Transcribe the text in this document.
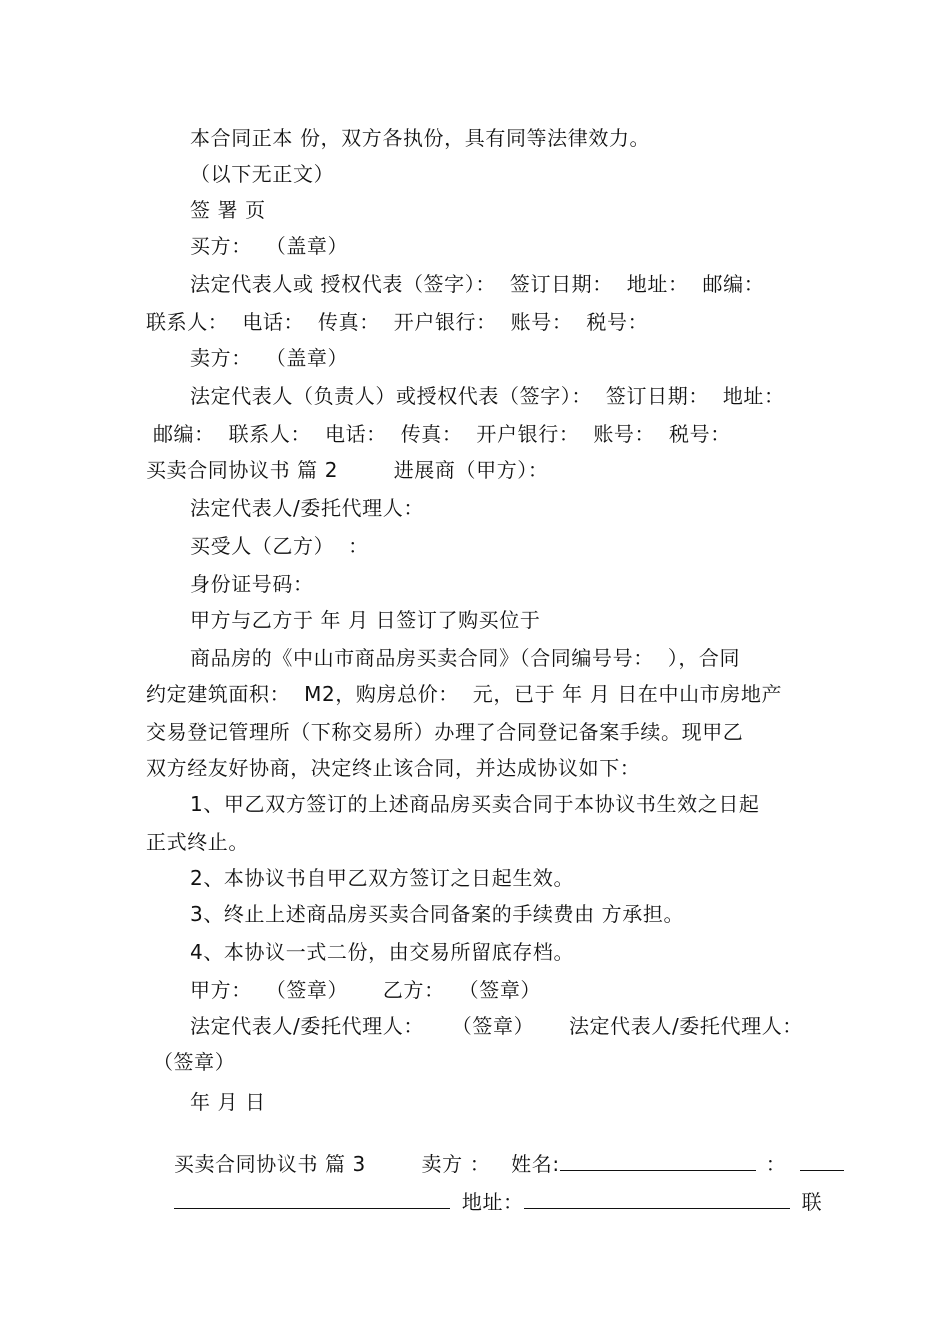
本合同正本 份，双方各执份，具有同等法律效力。
（以下无正文）
签 署 页
买方：  （盖章）
法定代表人或 授权代表（签字）：  签订日期：  地址：  邮编：
联系人：  电话：  传真：  开户银行：  账号：  税号：
卖方：  （盖章）
法定代表人（负责人）或授权代表（签字）：  签订日期：  地址：
邮编：  联系人：  电话：  传真：  开户银行：  账号：  税号：
买卖合同协议书 篇 2        进展商（甲方）：
法定代表人/委托代理人：
买受人（乙方）  ：
身份证号码：
甲方与乙方于 年 月 日签订了购买位于
商品房的《中山市商品房买卖合同》（合同编号号：  ），合同
约定建筑面积：  M2，购房总价：  元，已于 年 月 日在中山市房地产
交易登记管理所（下称交易所）办理了合同登记备案手续。现甲乙
双方经友好协商，决定终止该合同，并达成协议如下：
1、甲乙双方签订的上述商品房买卖合同于本协议书生效之日起
正式终止。
2、本协议书自甲乙双方签订之日起生效。
3、终止上述商品房买卖合同备案的手续费由 方承担。
4、本协议一式二份，由交易所留底存档。
甲方：  （签章）     乙方：  （签章）
法定代表人/委托代理人：    （签章）     法定代表人/委托代理人：
（签章）
年 月 日

买卖合同协议书 篇 3        卖方 ：   姓名:	：

地址：	联
